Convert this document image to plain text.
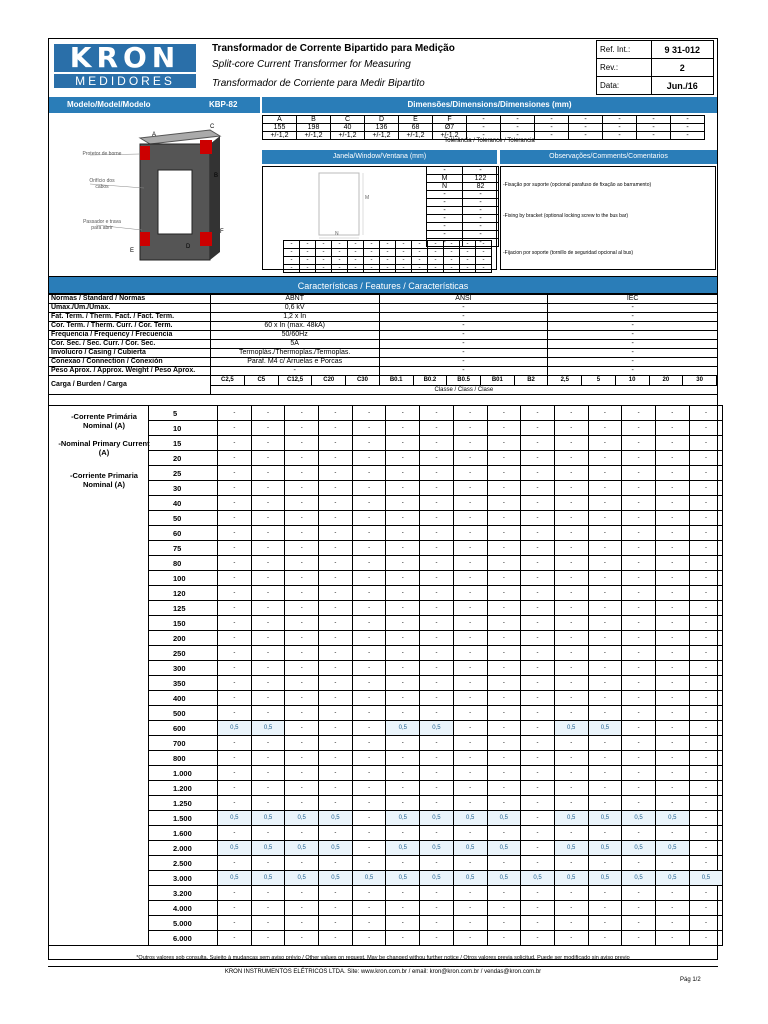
KRON
MEDIDORES
Transformador de Corrente Bipartido para Medição
Split-core Current Transformer for Measuring
Transformador de Corriente para Medir Bipartito
Ref. Int.:	9 31-012
Rev.:	2
Data:	Jun./16
Modelo/Model/Modelo	KBP-82	Dimensões/Dimensions/Dimensiones (mm)
Protetor de borne
Orifício dos cabos
Passador e trava para abrir
A
B
C
D
E
F
A	B	C	D	E	F	-	-	-	-	-	-	-
155	198	40	136	68	Ø7	-	-	-	-	-	-	-
+/-1,2	+/-1,2	+/-1,2	+/-1,2	+/-1,2	+/-1,2	-	-	-	-	-	-	-
Tolerância / Tolerance / Tolerancia
Janela/Window/Ventana (mm)	Observações/Comments/Comentarios
M
N
-	-
M	122
N	82
-	-
-	-
-	-
-	-
-	-
-	-
-	-
-	-	-	-	-	-	-	-	-	-	-	-	-
-	-	-	-	-	-	-	-	-	-	-	-	-
-	-	-	-	-	-	-	-	-	-	-	-	-
-	-	-	-	-	-	-	-	-	-	-	-	-

-Fixação por suporte (opcional parafuso de fixação ao barramento)

-Fixing by bracket (optional locking screw to the bus bar)

-Fijacion por soporte (tornillo de seguridad opcional al bus)

Características / Features / Características
Normas / Standard / Normas	ABNT	ANSI	IEC
Umax./Um./Umax.	0,6 kV	-	-
Fat. Term. / Therm. Fact. / Fact. Term.	1,2 x In	-	-
Cor. Term. / Therm. Curr. / Cor. Term.	60 x In (max. 48kA)	-	-
Frequencia / Frequency / Frecuencia	50/60Hz	-	-
Cor. Sec. / Sec. Curr. / Cor. Sec.	5A	-	-
Involucro / Casing / Cubierta	Termoplás./Thermoplas./Termoplas.	-	-
Conexao / Connection / Conexión	Paraf. M4 c/ Arruelas e Porcas	-	-
Peso Aprox. / Approx. Weight / Peso Aprox.	-	-	-
Carga / Burden / Carga	
C2,5	C5	C12,5	C20	C30	B0.1	B0.2	B0.5	B01	B2	2,5	5	10	20	30

Classe / Class / Clase
	5	-	-	-	-	-	-	-	-	-	-	-	-	-	-	-
	10	-	-	-	-	-	-	-	-	-	-	-	-	-	-	-
	15	-	-	-	-	-	-	-	-	-	-	-	-	-	-	-
	20	-	-	-	-	-	-	-	-	-	-	-	-	-	-	-
	25	-	-	-	-	-	-	-	-	-	-	-	-	-	-	-
	30	-	-	-	-	-	-	-	-	-	-	-	-	-	-	-
	40	-	-	-	-	-	-	-	-	-	-	-	-	-	-	-
	50	-	-	-	-	-	-	-	-	-	-	-	-	-	-	-
	60	-	-	-	-	-	-	-	-	-	-	-	-	-	-	-
	75	-	-	-	-	-	-	-	-	-	-	-	-	-	-	-
	80	-	-	-	-	-	-	-	-	-	-	-	-	-	-	-
	100	-	-	-	-	-	-	-	-	-	-	-	-	-	-	-
	120	-	-	-	-	-	-	-	-	-	-	-	-	-	-	-
	125	-	-	-	-	-	-	-	-	-	-	-	-	-	-	-
	150	-	-	-	-	-	-	-	-	-	-	-	-	-	-	-
	200	-	-	-	-	-	-	-	-	-	-	-	-	-	-	-
	250	-	-	-	-	-	-	-	-	-	-	-	-	-	-	-
	300	-	-	-	-	-	-	-	-	-	-	-	-	-	-	-
	350	-	-	-	-	-	-	-	-	-	-	-	-	-	-	-
	400	-	-	-	-	-	-	-	-	-	-	-	-	-	-	-
	500	-	-	-	-	-	-	-	-	-	-	-	-	-	-	-
	600	0,5	0,5	-	-	-	0,5	0,5	-	-	-	0,5	0,5	-	-	-
	700	-	-	-	-	-	-	-	-	-	-	-	-	-	-	-
	800	-	-	-	-	-	-	-	-	-	-	-	-	-	-	-
	1.000	-	-	-	-	-	-	-	-	-	-	-	-	-	-	-
	1.200	-	-	-	-	-	-	-	-	-	-	-	-	-	-	-
	1.250	-	-	-	-	-	-	-	-	-	-	-	-	-	-	-
	1.500	0,5	0,5	0,5	0,5	-	0,5	0,5	0,5	0,5	-	0,5	0,5	0,5	0,5	-
	1.600	-	-	-	-	-	-	-	-	-	-	-	-	-	-	-
	2.000	0,5	0,5	0,5	0,5	-	0,5	0,5	0,5	0,5	-	0,5	0,5	0,5	0,5	-
	2.500	-	-	-	-	-	-	-	-	-	-	-	-	-	-	-
	3.000	0,5	0,5	0,5	0,5	0,5	0,5	0,5	0,5	0,5	0,5	0,5	0,5	0,5	0,5	0,5
	3.200	-	-	-	-	-	-	-	-	-	-	-	-	-	-	-
	4.000	-	-	-	-	-	-	-	-	-	-	-	-	-	-	-
	5.000	-	-	-	-	-	-	-	-	-	-	-	-	-	-	-
	6.000	-	-	-	-	-	-	-	-	-	-	-	-	-	-	-
-Corrente Primária Nominal (A)
-Nominal Primary Current (A)
-Corriente Primaria Nominal (A)
*Outros valores sob consulta. Sujeito à mudanças sem aviso prévio / Other values on request. May be changed withou further notice / Otros valores previa solicitud. Puede ser modificado sin aviso previo
KRON INSTRUMENTOS ELÉTRICOS LTDA. Site: www.kron.com.br / email: kron@kron.com.br / vendas@kron.com.br
Pág 1/2
